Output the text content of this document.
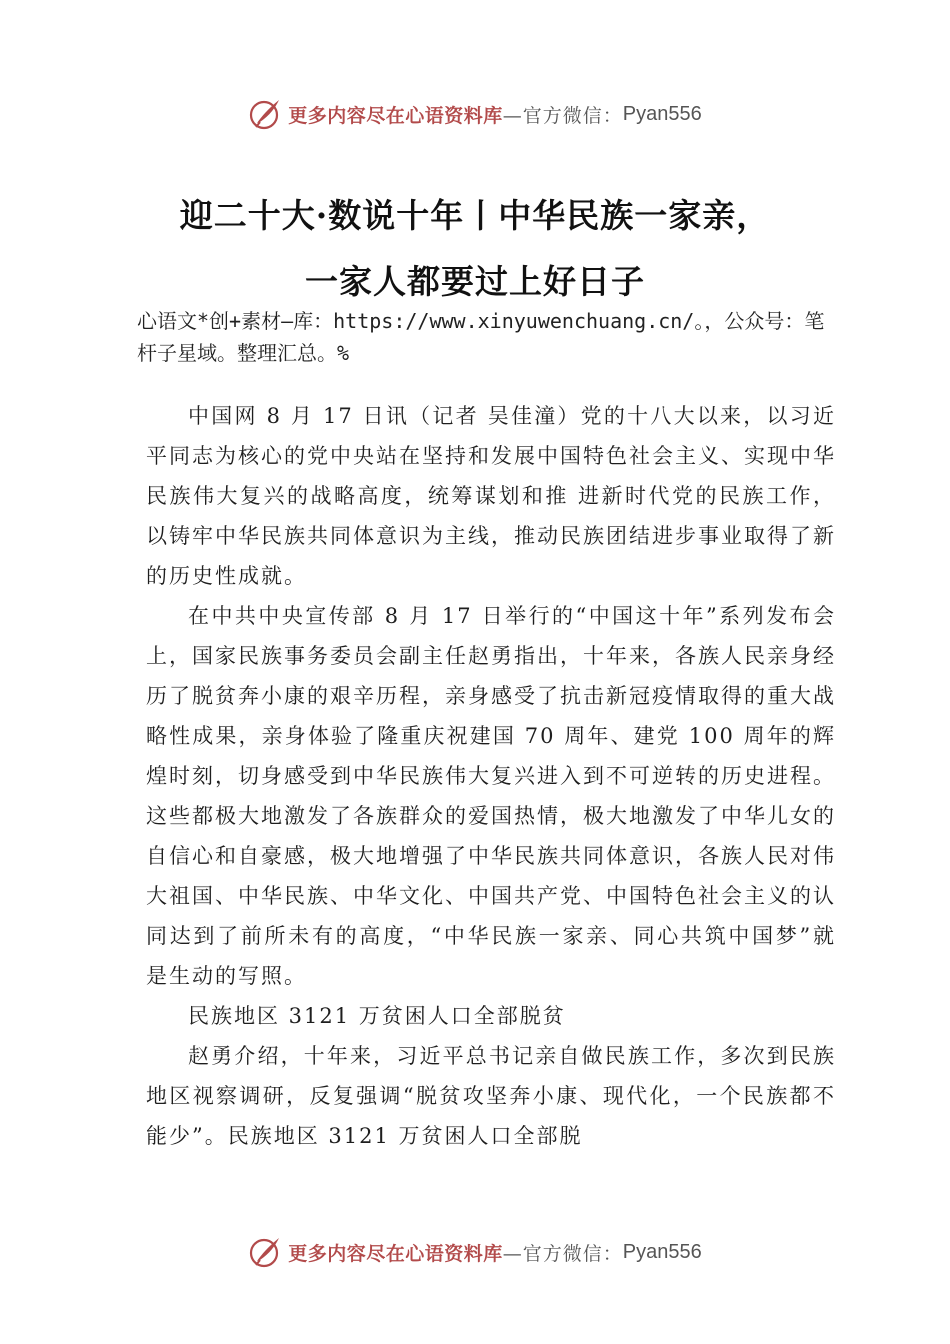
更多内容尽在心语资料库 —官方微信： Pyan556
迎二十大·数说十年丨中华民族一家亲，
一家人都要过上好日子
心语文*创+素材—库：https://www.xinyuwenchuang.cn/。，公众号：笔杆子星域。整理汇总。%

中国网 8 月 17 日讯（记者 吴佳潼）党的十八大以来，以习近平同志为核心的党中央站在坚持和发展中国特色社会主义、实现中华民族伟大复兴的战略高度，统筹谋划和推 进新时代党的民族工作，以铸牢中华民族共同体意识为主线，推动民族团结进步事业取得了新的历史性成就。

在中共中央宣传部 8 月 17 日举行的“中国这十年”系列发布会上，国家民族事务委员会副主任赵勇指出，十年来，各族人民亲身经历了脱贫奔小康的艰辛历程，亲身感受了抗击新冠疫情取得的重大战略性成果，亲身体验了隆重庆祝建国 70 周年、建党 100 周年的辉煌时刻，切身感受到中华民族伟大复兴进入到不可逆转的历史进程。这些都极大地激发了各族群众的爱国热情，极大地激发了中华儿女的自信心和自豪感，极大地增强了中华民族共同体意识，各族人民对伟大祖国、中华民族、中华文化、中国共产党、中国特色社会主义的认同达到了前所未有的高度，“中华民族一家亲、同心共筑中国梦”就是生动的写照。

民族地区 3121 万贫困人口全部脱贫

赵勇介绍，十年来，习近平总书记亲自做民族工作，多次到民族地区视察调研，反复强调“脱贫攻坚奔小康、现代化，一个民族都不能少”。民族地区 3121 万贫困人口全部脱

更多内容尽在心语资料库 —官方微信： Pyan556
